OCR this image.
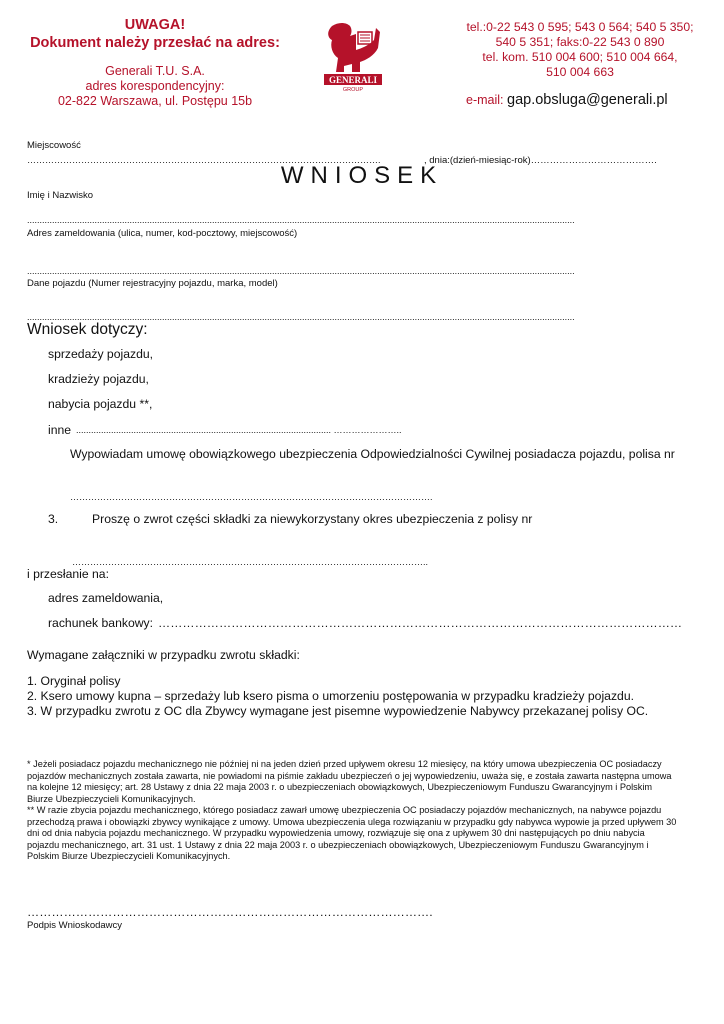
UWAGA!
Dokument należy przesłać na adres:
Generali T.U. S.A.
adres korespondencyjny:
02-822 Warszawa, ul. Postępu 15b
GENERALI
GROUP
tel.:0-22 543 0 595; 543 0 564; 540 5 350;
540 5 351; faks:0-22 543 0 890
tel. kom. 510 004 600; 510 004 664,
510 004 663
e-mail: gap.obsluga@generali.pl
Miejscowość
……………………………………………………………………………………………………….	, dnia:(dzień-miesiąc-rok)………………………………….
WNIOSEK
Imię i Nazwisko
...........................................................................................................................................................................................................................
Adres zameldowania (ulica, numer, kod-pocztowy, miejscowość)
...........................................................................................................................................................................................................................
Dane pojazdu (Numer rejestracyjny pojazdu, marka, model)
...........................................................................................................................................................................................................................
Wniosek dotyczy:
sprzedaży pojazdu,
kradzieży pojazdu,
nabycia pojazdu **,
inne ...................................................................................................... …………………..
Wypowiadam umowę obowiązkowego ubezpieczenia Odpowiedzialności Cywilnej posiadacza pojazdu, polisa nr
………………………………………………………………………………………………………….
3.	Proszę o zwrot części składki za niewykorzystany okres ubezpieczenia z polisy nr
………………………………………………………………………………………………………..
i przesłanie na:
adres zameldowania,
rachunek bankowy: …………………………………………………………………………………………………………………
Wymagane załączniki w przypadku zwrotu składki:
1. Oryginał polisy
2. Ksero umowy kupna – sprzedaży lub ksero pisma o umorzeniu postępowania w przypadku kradzieży pojazdu.
3. W przypadku zwrotu z OC dla Zbywcy wymagane jest pisemne wypowiedzenie Nabywcy przekazanej polisy OC.
* Jeżeli posiadacz pojazdu mechanicznego nie później ni na jeden dzień przed upływem okresu 12 miesięcy, na który umowa ubezpieczenia OC posiadaczy pojazdów mechanicznych została zawarta, nie powiadomi na piśmie zakładu ubezpieczeń o jej wypowiedzeniu, uważa się, e została zawarta następna umowa na kolejne 12 miesięcy; art. 28 Ustawy z dnia 22 maja 2003 r. o ubezpieczeniach obowiązkowych, Ubezpieczeniowym Funduszu Gwarancyjnym i Polskim Biurze Ubezpieczycieli Komunikacyjnych.
** W razie zbycia pojazdu mechanicznego, którego posiadacz zawarł umowę ubezpieczenia OC posiadaczy pojazdów mechanicznych, na nabywce pojazdu przechodzą prawa i obowiązki zbywcy wynikające z umowy. Umowa ubezpieczenia ulega rozwiązaniu w przypadku gdy nabywca wypowie ja przed upływem 30 dni od dnia nabycia pojazdu mechanicznego. W przypadku wypowiedzenia umowy, rozwiązuje się ona z upływem 30 dni następujących po dniu nabycia pojazdu mechanicznego, art. 31 ust. 1 Ustawy z dnia 22 maja 2003 r. o ubezpieczeniach obowiązkowych, Ubezpieczeniowym Funduszu Gwarancyjnym i Polskim Biurze Ubezpieczycieli Komunikacyjnych.
……………………………………………………………………………………….
Podpis Wnioskodawcy
